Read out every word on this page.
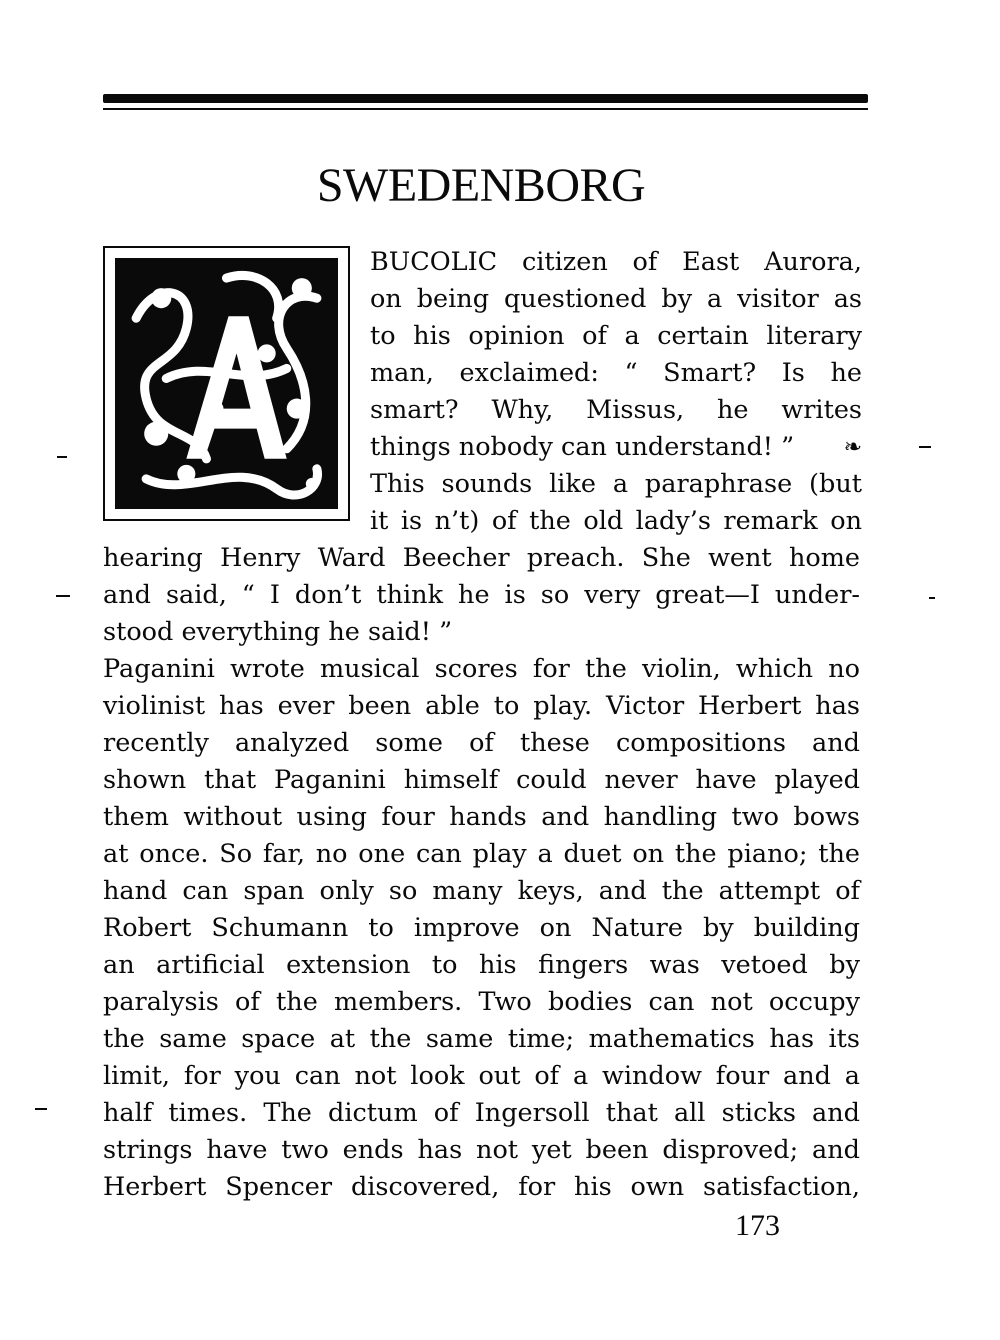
SWEDENBORG
BUCOLIC citizen of East Aurora,
on being questioned by a visitor as
to his opinion of a certain literary
man, exclaimed: “ Smart? Is he
smart? Why, Missus, he writes
things nobody can understand! ” ❧
This sounds like a paraphrase (but
it is n’t) of the old lady’s remark on
hearing Henry Ward Beecher preach. She went home
and said, “ I don’t think he is so very great—I under-
stood everything he said! ”
Paganini wrote musical scores for the violin, which no
violinist has ever been able to play. Victor Herbert has
recently analyzed some of these compositions and
shown that Paganini himself could never have played
them without using four hands and handling two bows
at once. So far, no one can play a duet on the piano; the
hand can span only so many keys, and the attempt of
Robert Schumann to improve on Nature by building
an artificial extension to his fingers was vetoed by
paralysis of the members. Two bodies can not occupy
the same space at the same time; mathematics has its
limit, for you can not look out of a window four and a
half times. The dictum of Ingersoll that all sticks and
strings have two ends has not yet been disproved; and
Herbert Spencer discovered, for his own satisfaction,
173
